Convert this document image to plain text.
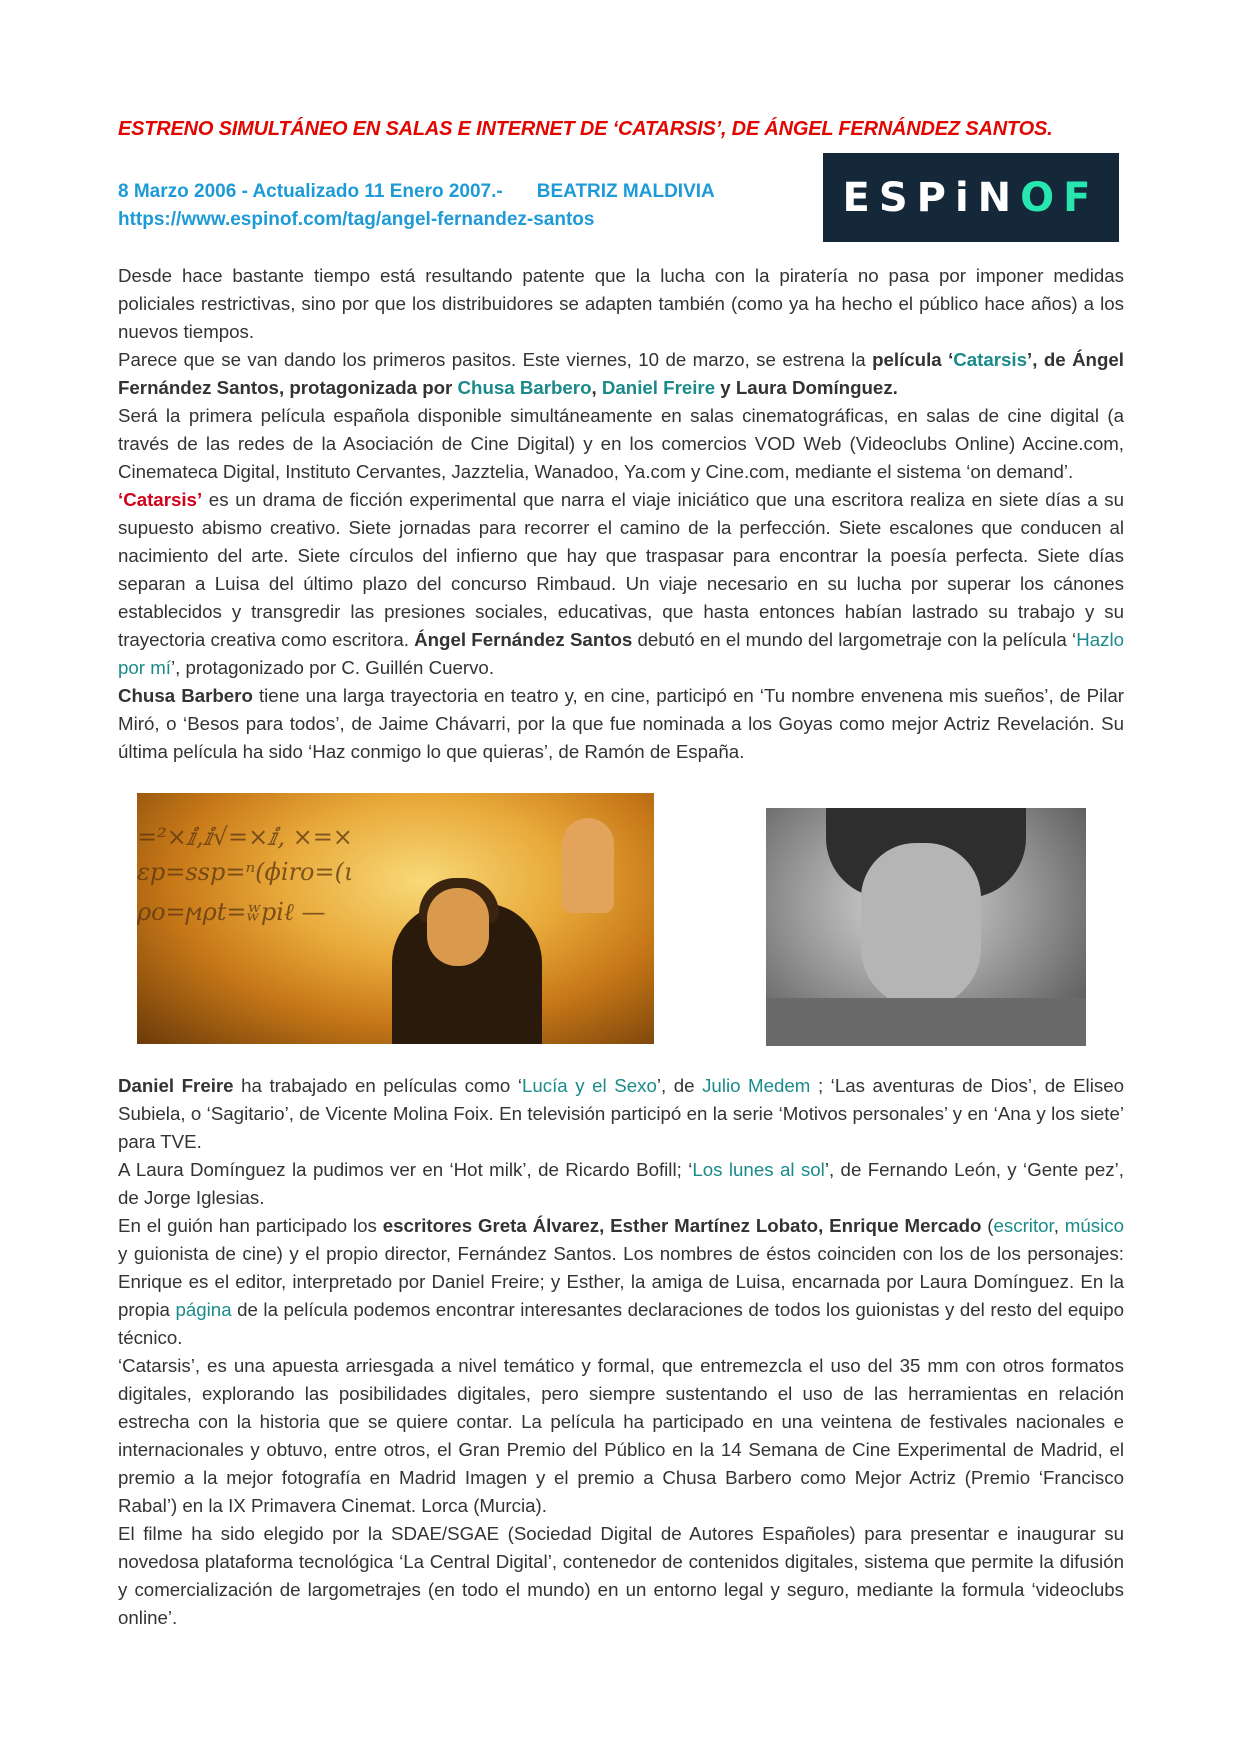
ESTRENO SIMULTÁNEO EN SALAS E INTERNET DE ‘CATARSIS’, DE ÁNGEL FERNÁNDEZ SANTOS.
8 Marzo 2006 - Actualizado 11 Enero 2007.- BEATRIZ MALDIVIA
https://www.espinof.com/tag/angel-fernandez-santos	ESPiN OF

Desde hace bastante tiempo está resultando patente que la lucha con la piratería no pasa por imponer medidas policiales restrictivas, sino por que los distribuidores se adapten también (como ya ha hecho el público hace años) a los nuevos tiempos.

Parece que se van dando los primeros pasitos. Este viernes, 10 de marzo, se estrena la película ‘Catarsis’, de Ángel Fernández Santos, protagonizada por Chusa Barbero, Daniel Freire y Laura Domínguez.

Será la primera película española disponible simultáneamente en salas cinematográficas, en salas de cine digital (a través de las redes de la Asociación de Cine Digital) y en los comercios VOD Web (Videoclubs Online) Accine.com, Cinemateca Digital, Instituto Cervantes, Jazztelia, Wanadoo, Ya.com y Cine.com, mediante el sistema ‘on demand’.

‘Catarsis’ es un drama de ficción experimental que narra el viaje iniciático que una escritora realiza en siete días a su supuesto abismo creativo. Siete jornadas para recorrer el camino de la perfección. Siete escalones que conducen al nacimiento del arte. Siete círculos del infierno que hay que traspasar para encontrar la poesía perfecta. Siete días separan a Luisa del último plazo del concurso Rimbaud. Un viaje necesario en su lucha por superar los cánones establecidos y transgredir las presiones sociales, educativas, que hasta entonces habían lastrado su trabajo y su trayectoria creativa como escritora. Ángel Fernández Santos debutó en el mundo del largometraje con la película ‘Hazlo por mí’, protagonizado por C. Guillén Cuervo.

Chusa Barbero tiene una larga trayectoria en teatro y, en cine, participó en ‘Tu nombre envenena mis sueños’, de Pilar Miró, o ‘Besos para todos’, de Jaime Chávarri, por la que fue nominada a los Goyas como mejor Actriz Revelación. Su última película ha sido ‘Haz conmigo lo que quieras’, de Ramón de España.

=²×ⅈ,ⅈ√=×ⅈ, ×=×
ɛp=ssp=ⁿ(ϕiro=(ι
ρo=ϻρt=ʬpiℓ —

Daniel Freire ha trabajado en películas como ‘Lucía y el Sexo’, de Julio Medem ; ‘Las aventuras de Dios’, de Eliseo Subiela, o ‘Sagitario’, de Vicente Molina Foix. En televisión participó en la serie ‘Motivos personales’ y en ‘Ana y los siete’ para TVE.

A Laura Domínguez la pudimos ver en ‘Hot milk’, de Ricardo Bofill; ‘Los lunes al sol’, de Fernando León, y ‘Gente pez’, de Jorge Iglesias.

En el guión han participado los escritores Greta Álvarez, Esther Martínez Lobato, Enrique Mercado (escritor, músico y guionista de cine) y el propio director, Fernández Santos. Los nombres de éstos coinciden con los de los personajes: Enrique es el editor, interpretado por Daniel Freire; y Esther, la amiga de Luisa, encarnada por Laura Domínguez. En la propia página de la película podemos encontrar interesantes declaraciones de todos los guionistas y del resto del equipo técnico.

‘Catarsis’, es una apuesta arriesgada a nivel temático y formal, que entremezcla el uso del 35 mm con otros formatos digitales, explorando las posibilidades digitales, pero siempre sustentando el uso de las herramientas en relación estrecha con la historia que se quiere contar. La película ha participado en una veintena de festivales nacionales e internacionales y obtuvo, entre otros, el Gran Premio del Público en la 14 Semana de Cine Experimental de Madrid, el premio a la mejor fotografía en Madrid Imagen y el premio a Chusa Barbero como Mejor Actriz (Premio ‘Francisco Rabal’) en la IX Primavera Cinemat. Lorca (Murcia).

El filme ha sido elegido por la SDAE/SGAE (Sociedad Digital de Autores Españoles) para presentar e inaugurar su novedosa plataforma tecnológica ‘La Central Digital’, contenedor de contenidos digitales, sistema que permite la difusión y comercialización de largometrajes (en todo el mundo) en un entorno legal y seguro, mediante la formula ‘videoclubs online’.
